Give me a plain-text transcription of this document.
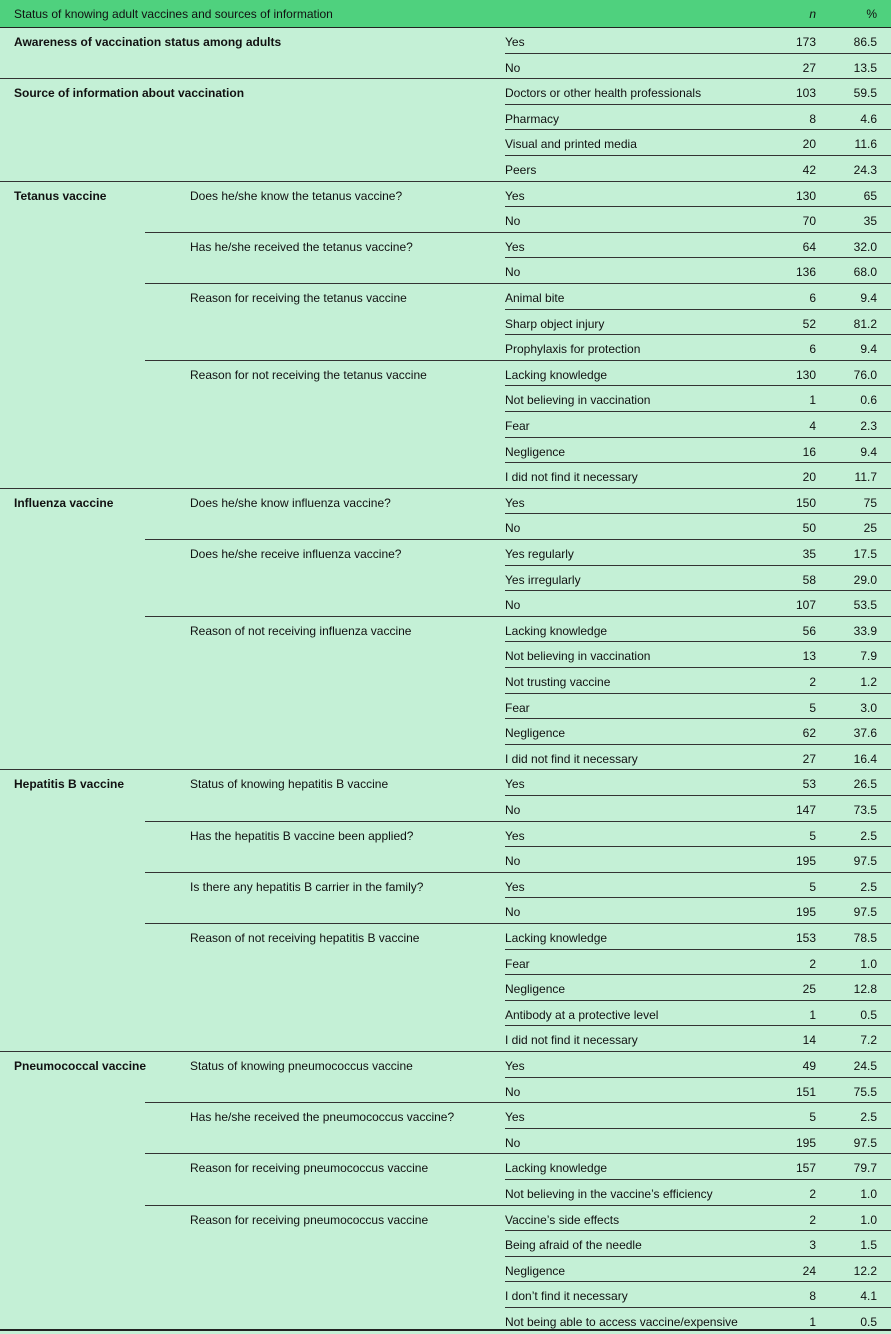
Status of knowing adult vaccines and sources of information	n	%
Awareness of vaccination status among adults	Yes	173	86.5
No	27	13.5
Source of information about vaccination	Doctors or other health professionals	103	59.5
Pharmacy	8	4.6
Visual and printed media	20	11.6
Peers	42	24.3
Tetanus vaccine	Does he/she know the tetanus vaccine?	Yes	130	65
No	70	35
Has he/she received the tetanus vaccine?	Yes	64	32.0
No	136	68.0
Reason for receiving the tetanus vaccine	Animal bite	6	9.4
Sharp object injury	52	81.2
Prophylaxis for protection	6	9.4
Reason for not receiving the tetanus vaccine	Lacking knowledge	130	76.0
Not believing in vaccination	1	0.6
Fear	4	2.3
Negligence	16	9.4
I did not find it necessary	20	11.7
Influenza vaccine	Does he/she know influenza vaccine?	Yes	150	75
No	50	25
Does he/she receive influenza vaccine?	Yes regularly	35	17.5
Yes irregularly	58	29.0
No	107	53.5
Reason of not receiving influenza vaccine	Lacking knowledge	56	33.9
Not believing in vaccination	13	7.9
Not trusting vaccine	2	1.2
Fear	5	3.0
Negligence	62	37.6
I did not find it necessary	27	16.4
Hepatitis B vaccine	Status of knowing hepatitis B vaccine	Yes	53	26.5
No	147	73.5
Has the hepatitis B vaccine been applied?	Yes	5	2.5
No	195	97.5
Is there any hepatitis B carrier in the family?	Yes	5	2.5
No	195	97.5
Reason of not receiving hepatitis B vaccine	Lacking knowledge	153	78.5
Fear	2	1.0
Negligence	25	12.8
Antibody at a protective level	1	0.5
I did not find it necessary	14	7.2
Pneumococcal vaccine	Status of knowing pneumococcus vaccine	Yes	49	24.5
No	151	75.5
Has he/she received the pneumococcus vaccine?	Yes	5	2.5
No	195	97.5
Reason for receiving pneumococcus vaccine	Lacking knowledge	157	79.7
Not believing in the vaccine’s efficiency	2	1.0
Reason for receiving pneumococcus vaccine	Vaccine’s side effects	2	1.0
Being afraid of the needle	3	1.5
Negligence	24	12.2
I don’t find it necessary	8	4.1
Not being able to access vaccine/expensive	1	0.5
